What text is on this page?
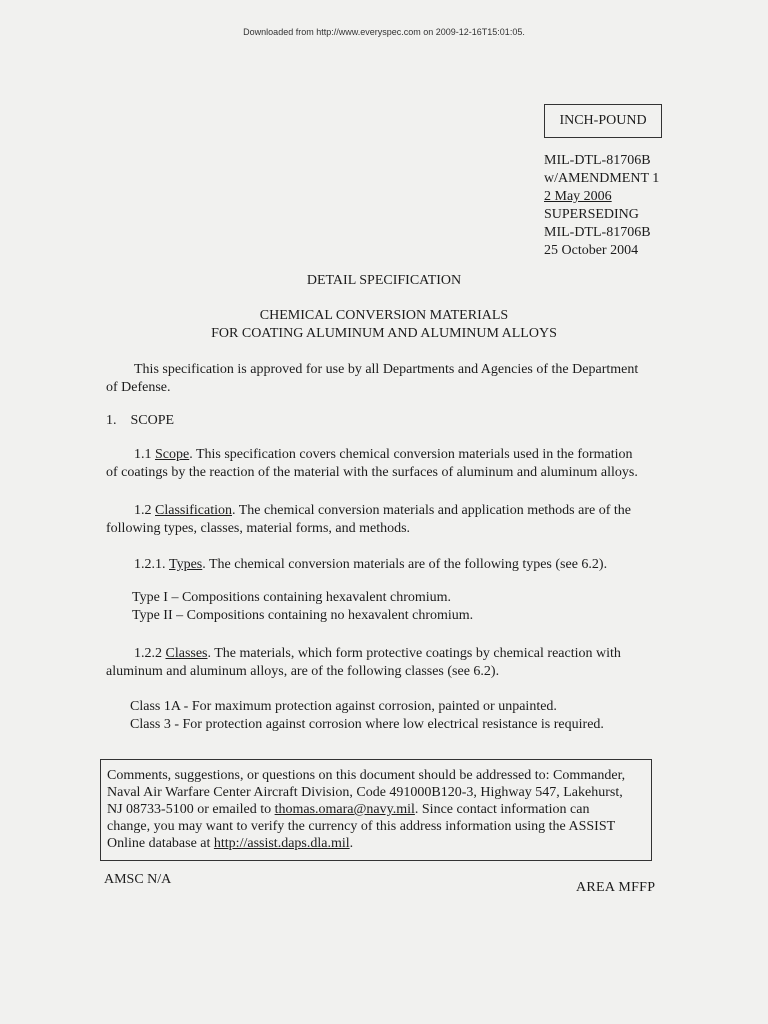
Downloaded from http://www.everyspec.com on 2009-12-16T15:01:05.
INCH-POUND
MIL-DTL-81706B
w/AMENDMENT 1
2 May 2006
SUPERSEDING
MIL-DTL-81706B
25 October 2004
DETAIL SPECIFICATION
CHEMICAL CONVERSION MATERIALS
FOR COATING ALUMINUM AND ALUMINUM ALLOYS
This specification is approved for use by all Departments and Agencies of the Department
of Defense.
1. SCOPE
1.1 Scope. This specification covers chemical conversion materials used in the formation
of coatings by the reaction of the material with the surfaces of aluminum and aluminum alloys.
1.2 Classification. The chemical conversion materials and application methods are of the
following types, classes, material forms, and methods.
1.2.1. Types. The chemical conversion materials are of the following types (see 6.2).
Type I – Compositions containing hexavalent chromium.
Type II – Compositions containing no hexavalent chromium.
1.2.2 Classes. The materials, which form protective coatings by chemical reaction with
aluminum and aluminum alloys, are of the following classes (see 6.2).
Class 1A - For maximum protection against corrosion, painted or unpainted.
Class 3 - For protection against corrosion where low electrical resistance is required.
Comments, suggestions, or questions on this document should be addressed to: Commander,
Naval Air Warfare Center Aircraft Division, Code 491000B120-3, Highway 547, Lakehurst,
NJ 08733-5100 or emailed to thomas.omara@navy.mil. Since contact information can
change, you may want to verify the currency of this address information using the ASSIST
Online database at http://assist.daps.dla.mil.
AMSC N/A
AREA MFFP
